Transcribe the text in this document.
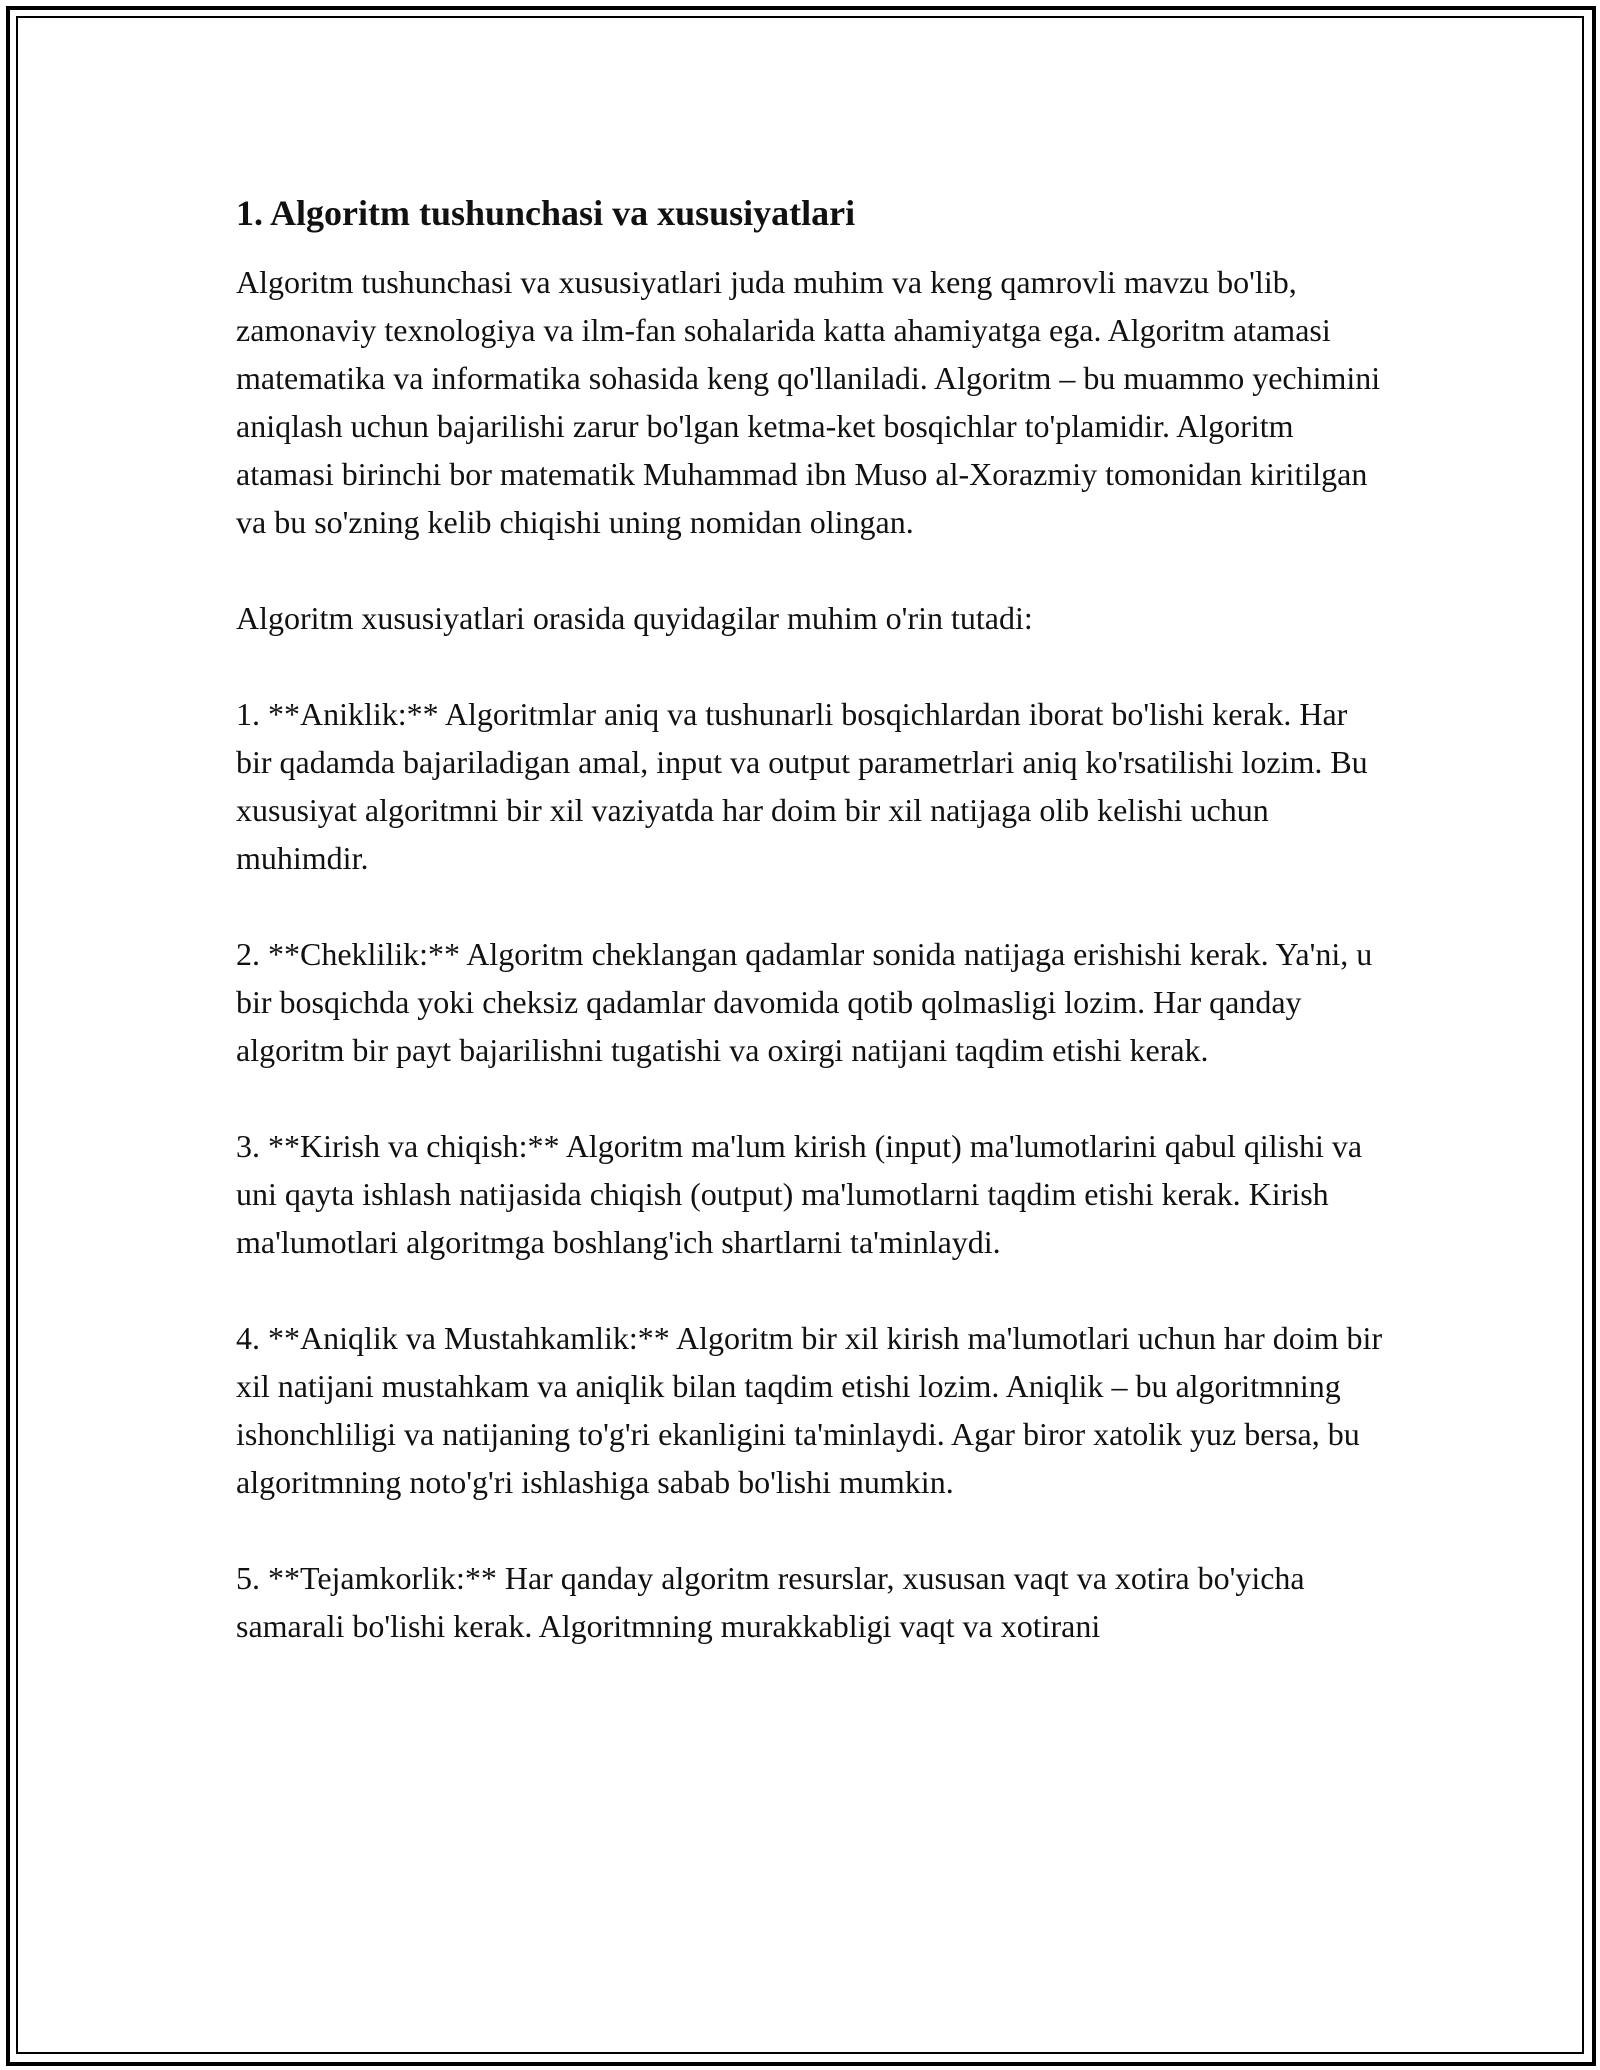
1. Algoritm tushunchasi va xususiyatlari

Algoritm tushunchasi va xususiyatlari juda muhim va keng qamrovli mavzu bo'lib, zamonaviy texnologiya va ilm-fan sohalarida katta ahamiyatga ega. Algoritm atamasi matematika va informatika sohasida keng qo'llaniladi. Algoritm – bu muammo yechimini aniqlash uchun bajarilishi zarur bo'lgan ketma-ket bosqichlar to'plamidir. Algoritm atamasi birinchi bor matematik Muhammad ibn Muso al-Xorazmiy tomonidan kiritilgan va bu so'zning kelib chiqishi uning nomidan olingan.

Algoritm xususiyatlari orasida quyidagilar muhim o'rin tutadi:

1. **Aniklik:** Algoritmlar aniq va tushunarli bosqichlardan iborat bo'lishi kerak. Har bir qadamda bajariladigan amal, input va output parametrlari aniq ko'rsatilishi lozim. Bu xususiyat algoritmni bir xil vaziyatda har doim bir xil natijaga olib kelishi uchun muhimdir.

2. **Cheklilik:** Algoritm cheklangan qadamlar sonida natijaga erishishi kerak. Ya'ni, u bir bosqichda yoki cheksiz qadamlar davomida qotib qolmasligi lozim. Har qanday algoritm bir payt bajarilishni tugatishi va oxirgi natijani taqdim etishi kerak.

3. **Kirish va chiqish:** Algoritm ma'lum kirish (input) ma'lumotlarini qabul qilishi va uni qayta ishlash natijasida chiqish (output) ma'lumotlarni taqdim etishi kerak. Kirish ma'lumotlari algoritmga boshlang'ich shartlarni ta'minlaydi.

4. **Aniqlik va Mustahkamlik:** Algoritm bir xil kirish ma'lumotlari uchun har doim bir xil natijani mustahkam va aniqlik bilan taqdim etishi lozim. Aniqlik – bu algoritmning ishonchliligi va natijaning to'g'ri ekanligini ta'minlaydi. Agar biror xatolik yuz bersa, bu algoritmning noto'g'ri ishlashiga sabab bo'lishi mumkin.

5. **Tejamkorlik:** Har qanday algoritm resurslar, xususan vaqt va xotira bo'yicha samarali bo'lishi kerak. Algoritmning murakkabligi vaqt va xotirani
